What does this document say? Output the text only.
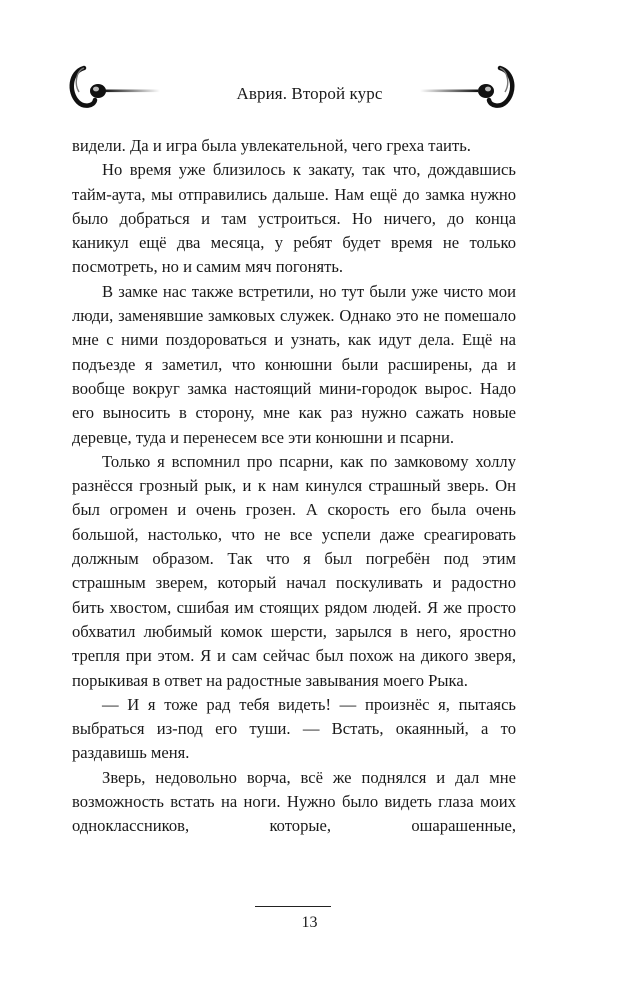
Аврия. Второй курс

видели. Да и игра была увлекательной, чего греха таить.

Но время уже близилось к закату, так что, дождавшись тайм-аута, мы отправились дальше. Нам ещё до замка нужно было добраться и там устроиться. Но ничего, до конца каникул ещё два месяца, у ребят будет время не только посмотреть, но и самим мяч погонять.

В замке нас также встретили, но тут были уже чисто мои люди, заменявшие замковых служек. Однако это не помешало мне с ними поздороваться и узнать, как идут дела. Ещё на подъезде я заметил, что конюшни были расширены, да и вообще вокруг замка настоящий мини-городок вырос. Надо его выносить в сторону, мне как раз нужно сажать новые деревце, туда и перенесем все эти конюшни и псарни.

Только я вспомнил про псарни, как по замковому холлу разнёсся грозный рык, и к нам кинулся страшный зверь. Он был огромен и очень грозен. А скорость его была очень большой, настолько, что не все успели даже среагировать должным образом. Так что я был погребён под этим страшным зверем, который начал поскуливать и радостно бить хвостом, сшибая им стоящих рядом людей. Я же просто обхватил любимый комок шерсти, зарылся в него, яростно трепля при этом. Я и сам сейчас был похож на дикого зверя, порыкивая в ответ на радостные завывания моего Рыка.

— И я тоже рад тебя видеть! — произнёс я, пытаясь выбраться из-под его туши. — Встать, окаянный, а то раздавишь меня.

Зверь, недовольно ворча, всё же поднялся и дал мне возможность встать на ноги. Нужно было видеть глаза моих одноклассников, которые, ошарашенные,

13
